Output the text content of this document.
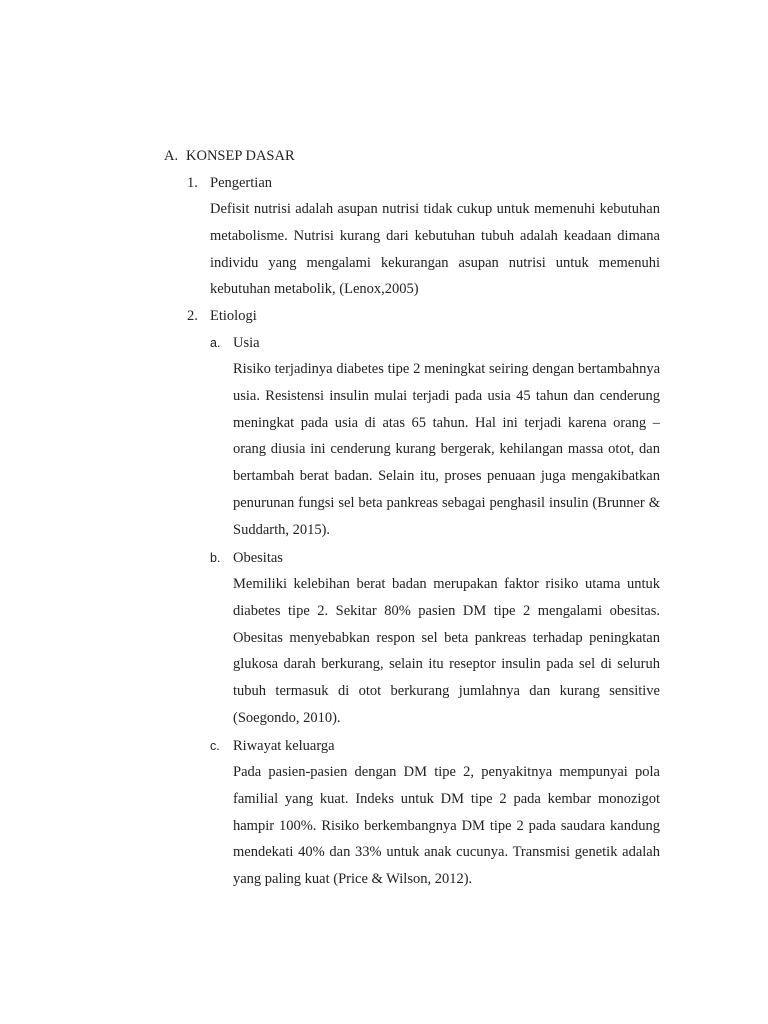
A. KONSEP DASAR
1. Pengertian
Defisit nutrisi adalah asupan nutrisi tidak cukup untuk memenuhi kebutuhan metabolisme. Nutrisi kurang dari kebutuhan tubuh adalah keadaan dimana individu yang mengalami kekurangan asupan nutrisi untuk memenuhi kebutuhan metabolik, (Lenox,2005)
2. Etiologi
a. Usia
Risiko terjadinya diabetes tipe 2 meningkat seiring dengan bertambahnya usia. Resistensi insulin mulai terjadi pada usia 45 tahun dan cenderung meningkat pada usia di atas 65 tahun. Hal ini terjadi karena orang – orang diusia ini cenderung kurang bergerak, kehilangan massa otot, dan bertambah berat badan. Selain itu, proses penuaan juga mengakibatkan penurunan fungsi sel beta pankreas sebagai penghasil insulin (Brunner & Suddarth, 2015).
b. Obesitas
Memiliki kelebihan berat badan merupakan faktor risiko utama untuk diabetes tipe 2. Sekitar 80% pasien DM tipe 2 mengalami obesitas. Obesitas menyebabkan respon sel beta pankreas terhadap peningkatan glukosa darah berkurang, selain itu reseptor insulin pada sel di seluruh tubuh termasuk di otot berkurang jumlahnya dan kurang sensitive (Soegondo, 2010).
c. Riwayat keluarga
Pada pasien-pasien dengan DM tipe 2, penyakitnya mempunyai pola familial yang kuat. Indeks untuk DM tipe 2 pada kembar monozigot hampir 100%. Risiko berkembangnya DM tipe 2 pada saudara kandung mendekati 40% dan 33% untuk anak cucunya. Transmisi genetik adalah yang paling kuat (Price & Wilson, 2012).
